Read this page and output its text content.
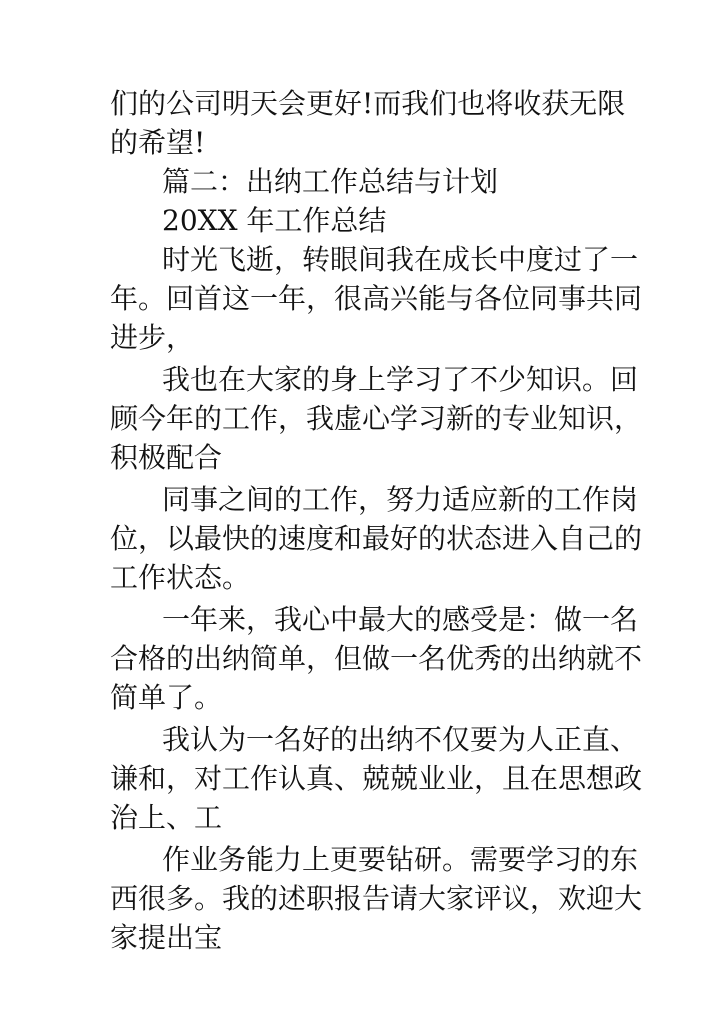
们的公司明天会更好!而我们也将收获无限
的希望!
篇二：出纳工作总结与计划
20XX 年工作总结
时光飞逝，转眼间我在成长中度过了一
年。回首这一年，很高兴能与各位同事共同
进步，
我也在大家的身上学习了不少知识。回
顾今年的工作，我虚心学习新的专业知识，
积极配合
同事之间的工作，努力适应新的工作岗
位，以最快的速度和最好的状态进入自己的
工作状态。
一年来，我心中最大的感受是：做一名
合格的出纳简单，但做一名优秀的出纳就不
简单了。
我认为一名好的出纳不仅要为人正直、
谦和，对工作认真、兢兢业业，且在思想政
治上、工
作业务能力上更要钻研。需要学习的东
西很多。我的述职报告请大家评议，欢迎大
家提出宝
